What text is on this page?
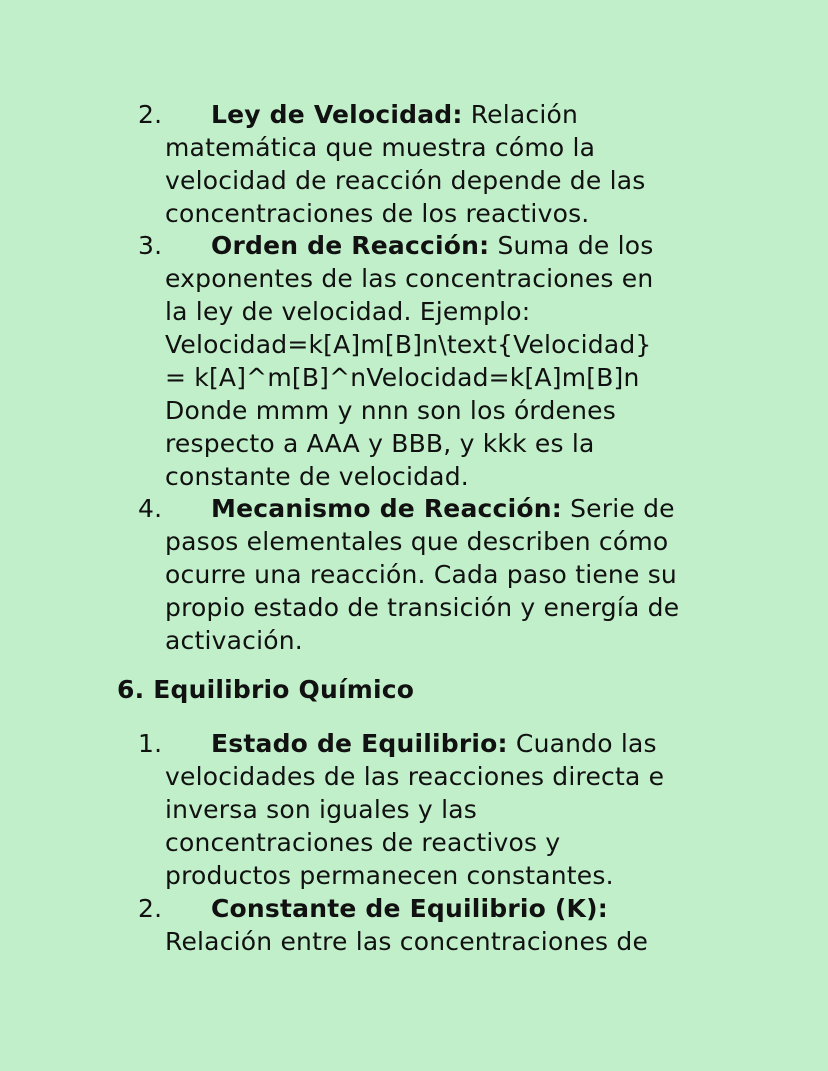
2. Ley de Velocidad: Relación
matemática que muestra cómo la
velocidad de reacción depende de las
concentraciones de los reactivos.
3. Orden de Reacción: Suma de los
exponentes de las concentraciones en
la ley de velocidad. Ejemplo:
Velocidad=k[A]m[B]n\text{Velocidad}
= k[A]^m[B]^nVelocidad=k[A]m[B]n
Donde mmm y nnn son los órdenes
respecto a AAA y BBB, y kkk es la
constante de velocidad.
4. Mecanismo de Reacción: Serie de
pasos elementales que describen cómo
ocurre una reacción. Cada paso tiene su
propio estado de transición y energía de
activación.
6. Equilibrio Químico
1. Estado de Equilibrio: Cuando las
velocidades de las reacciones directa e
inversa son iguales y las
concentraciones de reactivos y
productos permanecen constantes.
2. Constante de Equilibrio (K):
Relación entre las concentraciones de
